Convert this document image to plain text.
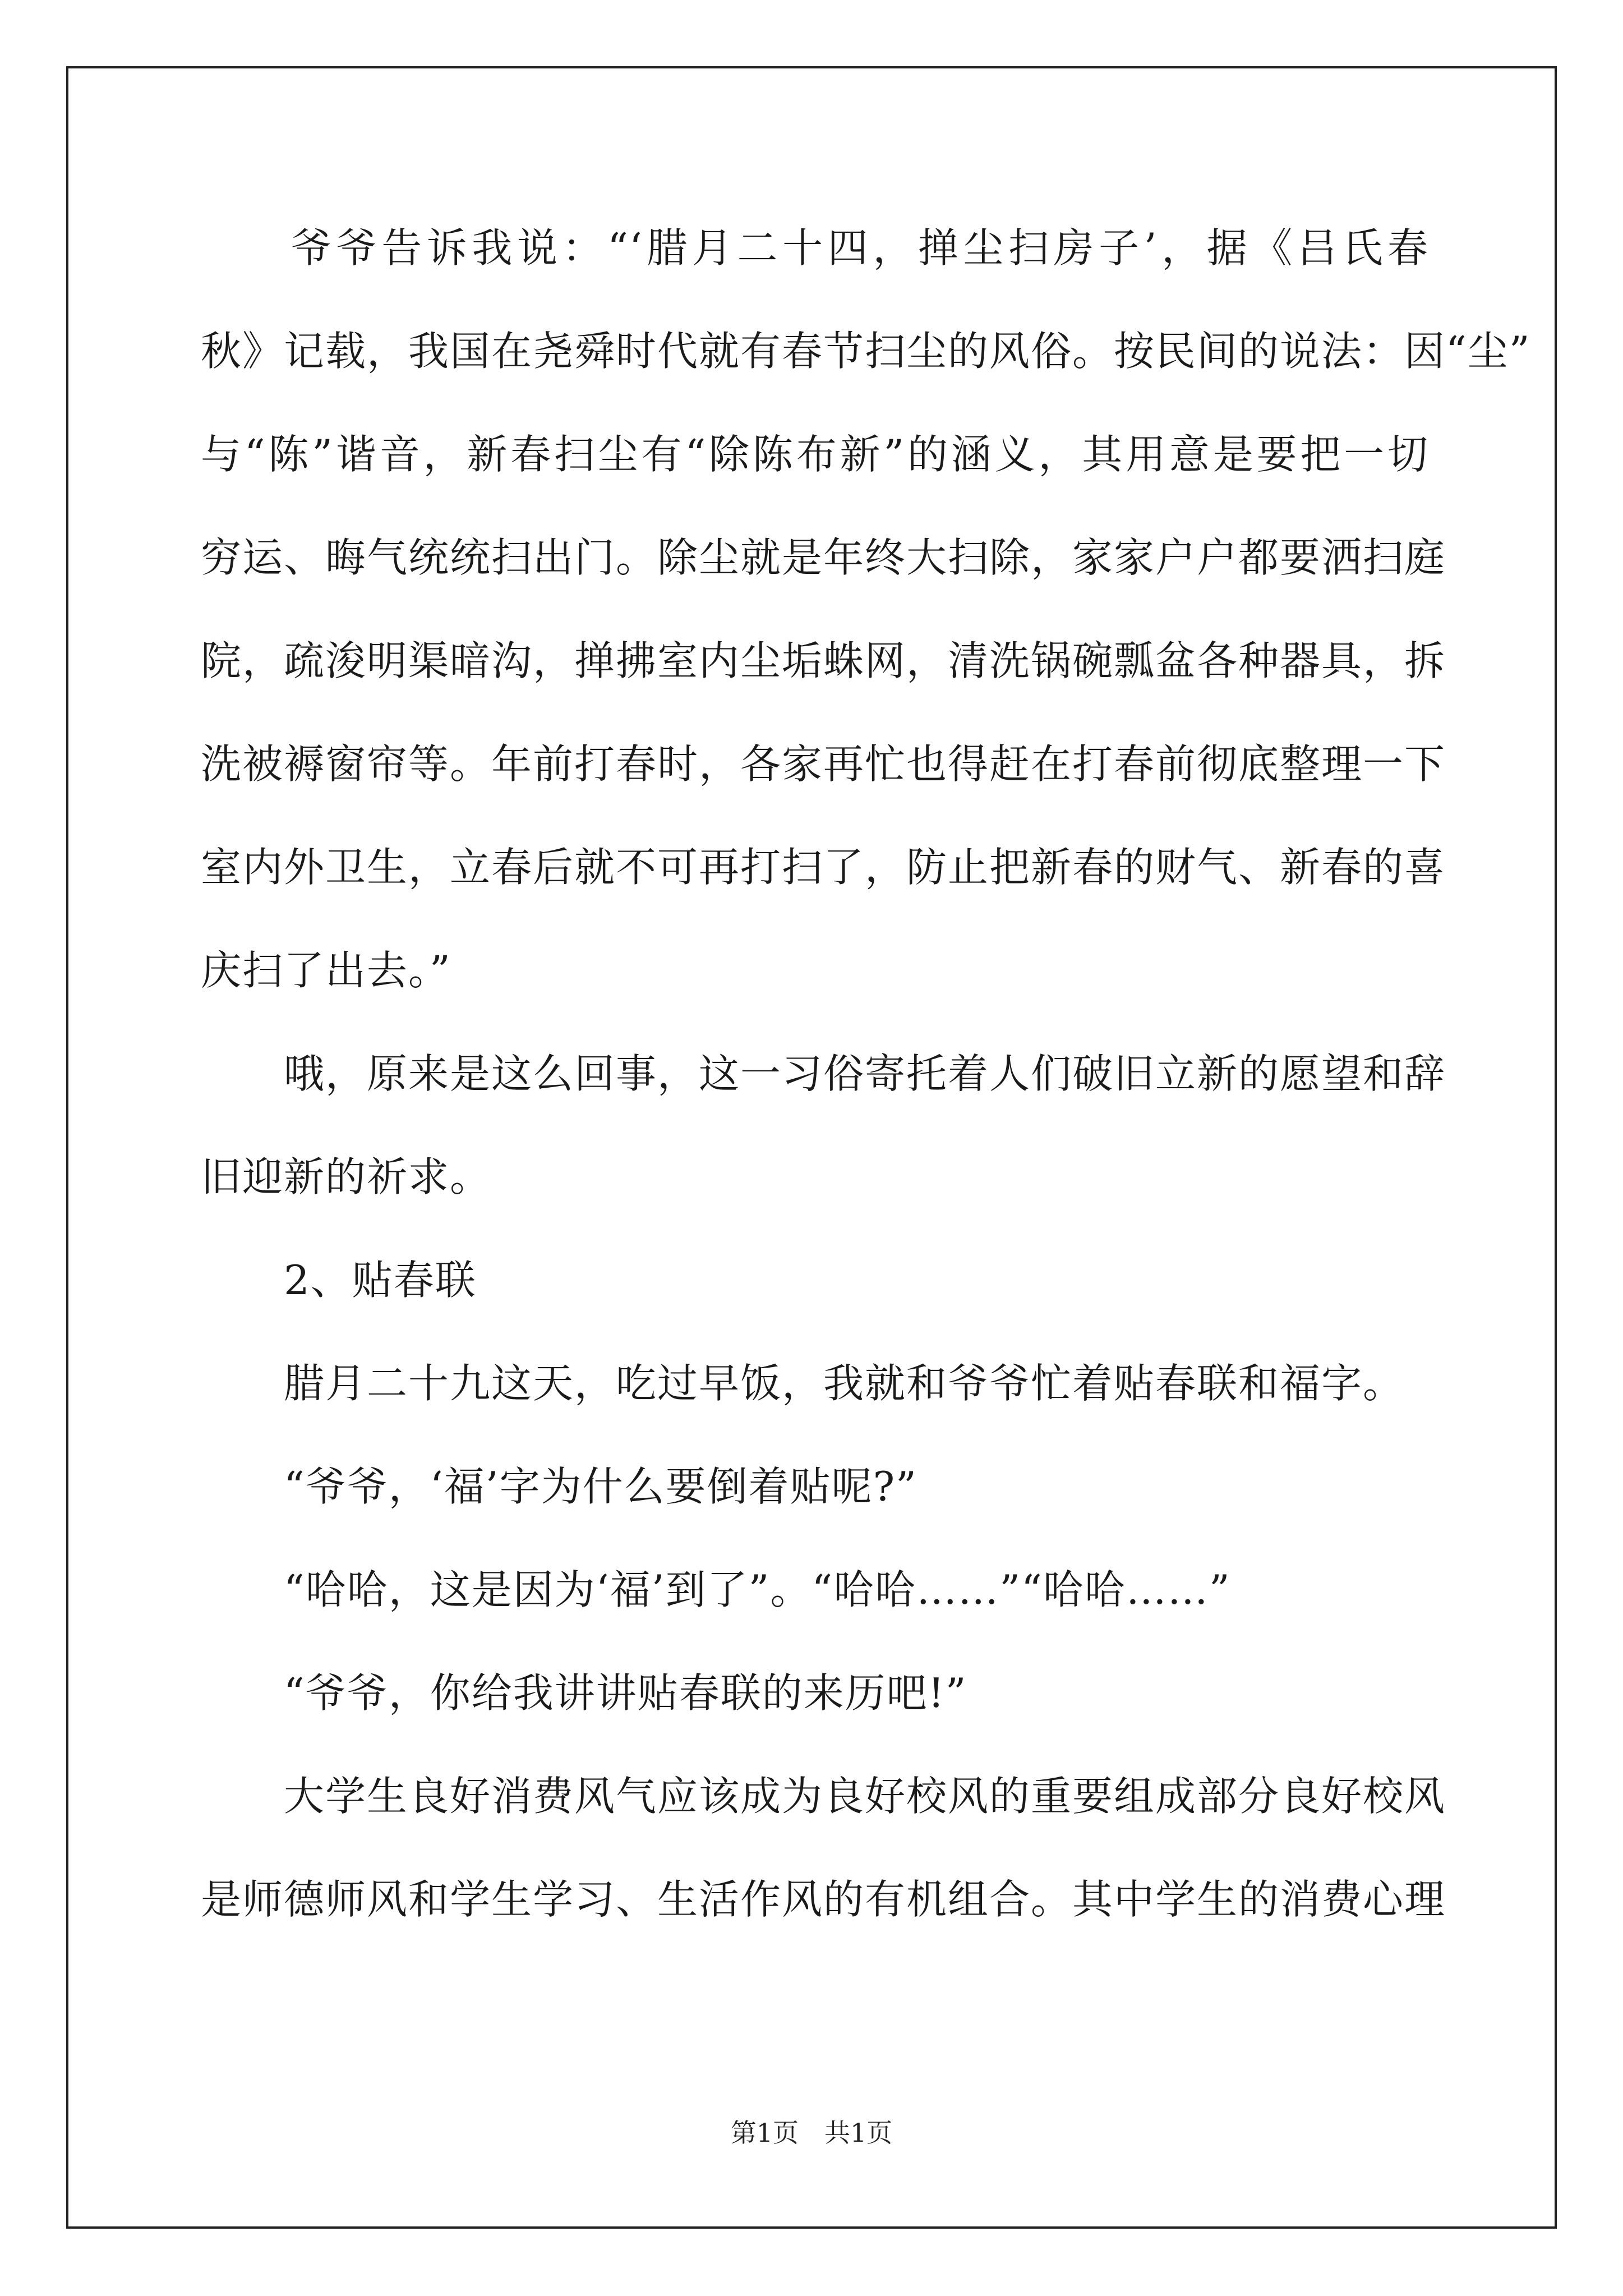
　　爷爷告诉我说：“‘腊月二十四，掸尘扫房子’，据《吕氏春
秋》记载，我国在尧舜时代就有春节扫尘的风俗。按民间的说法：因“尘”
与“陈”谐音，新春扫尘有“除陈布新”的涵义，其用意是要把一切
穷运、晦气统统扫出门。除尘就是年终大扫除，家家户户都要洒扫庭
院，疏浚明渠暗沟，掸拂室内尘垢蛛网，清洗锅碗瓢盆各种器具，拆
洗被褥窗帘等。年前打春时，各家再忙也得赶在打春前彻底整理一下
室内外卫生，立春后就不可再打扫了，防止把新春的财气、新春的喜
庆扫了出去。”
　　哦，原来是这么回事，这一习俗寄托着人们破旧立新的愿望和辞
旧迎新的祈求。
　　2、贴春联
　　腊月二十九这天，吃过早饭，我就和爷爷忙着贴春联和福字。
　　“爷爷，‘福’字为什么要倒着贴呢?”
　　“哈哈，这是因为‘福’到了”。“哈哈……”“哈哈……”
　　“爷爷，你给我讲讲贴春联的来历吧!”
　　大学生良好消费风气应该成为良好校风的重要组成部分良好校风
是师德师风和学生学习、生活作风的有机组合。其中学生的消费心理
第1页　共1页
